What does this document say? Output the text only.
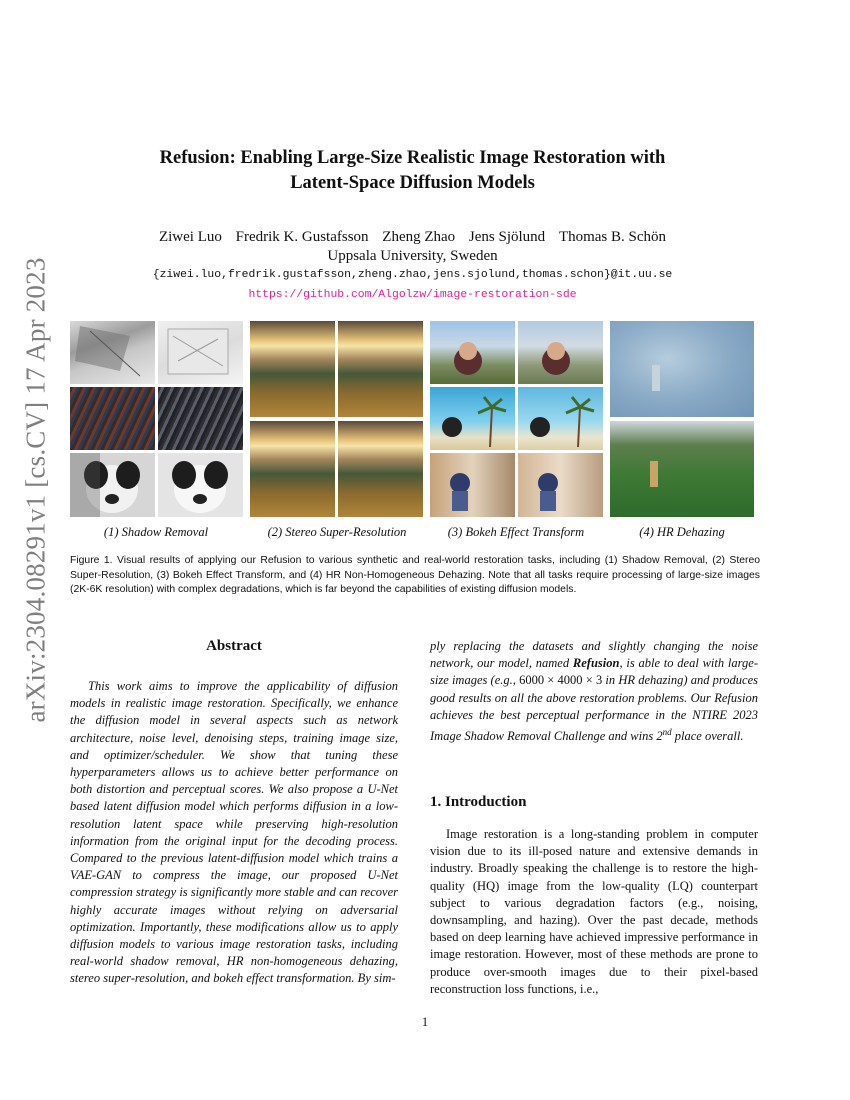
arXiv:2304.08291v1 [cs.CV] 17 Apr 2023
Refusion: Enabling Large-Size Realistic Image Restoration with
Latent-Space Diffusion Models
Ziwei Luo Fredrik K. Gustafsson Zheng Zhao Jens Sjölund Thomas B. Schön
Uppsala University, Sweden
{ziwei.luo,fredrik.gustafsson,zheng.zhao,jens.sjolund,thomas.schon}@it.uu.se
https://github.com/Algolzw/image-restoration-sde
(1) Shadow Removal	(2) Stereo Super-Resolution	(3) Bokeh Effect Transform	(4) HR Dehazing
Figure 1. Visual results of applying our Refusion to various synthetic and real-world restoration tasks, including (1) Shadow Removal, (2) Stereo Super-Resolution, (3) Bokeh Effect Transform, and (4) HR Non-Homogeneous Dehazing. Note that all tasks require processing of large-size images (2K-6K resolution) with complex degradations, which is far beyond the capabilities of existing diffusion models.
Abstract
This work aims to improve the applicability of diffusion models in realistic image restoration. Specifically, we enhance the diffusion model in several aspects such as network architecture, noise level, denoising steps, training image size, and optimizer/scheduler. We show that tuning these hyperparameters allows us to achieve better performance on both distortion and perceptual scores. We also propose a U-Net based latent diffusion model which performs diffusion in a low-resolution latent space while preserving high-resolution information from the original input for the decoding process. Compared to the previous latent-diffusion model which trains a VAE-GAN to compress the image, our proposed U-Net compression strategy is significantly more stable and can recover highly accurate images without relying on adversarial optimization. Importantly, these modifications allow us to apply diffusion models to various image restoration tasks, including real-world shadow removal, HR non-homogeneous dehazing, stereo super-resolution, and bokeh effect transformation. By sim-
ply replacing the datasets and slightly changing the noise network, our model, named Refusion, is able to deal with large-size images (e.g., 6000 × 4000 × 3 in HR dehazing) and produces good results on all the above restoration problems. Our Refusion achieves the best perceptual performance in the NTIRE 2023 Image Shadow Removal Challenge and wins 2nd place overall.
1. Introduction
Image restoration is a long-standing problem in computer vision due to its ill-posed nature and extensive demands in industry. Broadly speaking the challenge is to restore the high-quality (HQ) image from the low-quality (LQ) counterpart subject to various degradation factors (e.g., noising, downsampling, and hazing). Over the past decade, methods based on deep learning have achieved impressive performance in image restoration. However, most of these methods are prone to produce over-smooth images due to their pixel-based reconstruction loss functions, i.e.,
1
